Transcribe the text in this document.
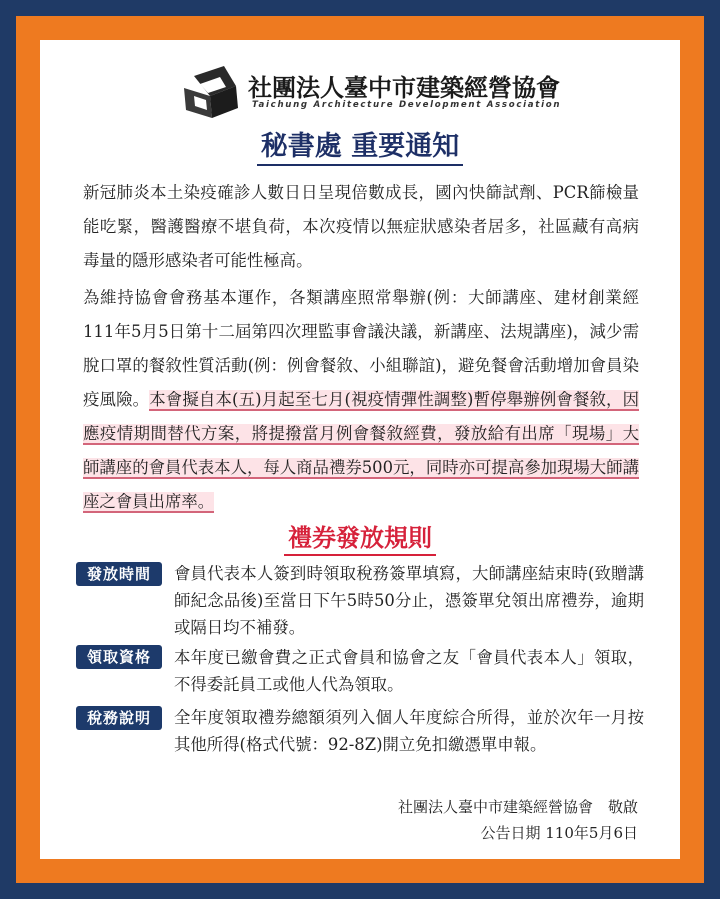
社團法人臺中市建築經營協會
Taichung Architecture Development Association
秘書處 重要通知

新冠肺炎本土染疫確診人數日日呈現倍數成長，國內快篩試劑、PCR篩檢量能吃緊，醫護醫療不堪負荷，本次疫情以無症狀感染者居多，社區藏有高病毒量的隱形感染者可能性極高。

為維持協會會務基本運作，各類講座照常舉辦(例：大師講座、建材創業經111年5月5日第十二屆第四次理監事會議決議，新講座、法規講座)，減少需脫口罩的餐敘性質活動(例：例會餐敘、小組聯誼)，避免餐會活動增加會員染疫風險。本會擬自本(五)月起至七月(視疫情彈性調整)暫停舉辦例會餐敘，因應疫情期間替代方案，將提撥當月例會餐敘經費，發放給有出席「現場」大師講座的會員代表本人，每人商品禮券500元，同時亦可提高參加現場大師講座之會員出席率。

禮券發放規則
發放時間	會員代表本人簽到時領取稅務簽單填寫，大師講座結束時(致贈講師紀念品後)至當日下午5時50分止，憑簽單兌領出席禮券，逾期或隔日均不補發。

領取資格	本年度已繳會費之正式會員和協會之友「會員代表本人」領取，不得委託員工或他人代為領取。

稅務說明	全年度領取禮券總額須列入個人年度綜合所得，並於次年一月按其他所得(格式代號：92-8Z)開立免扣繳憑單申報。

社團法人臺中市建築經營協會　敬啟
公告日期 110年5月6日
